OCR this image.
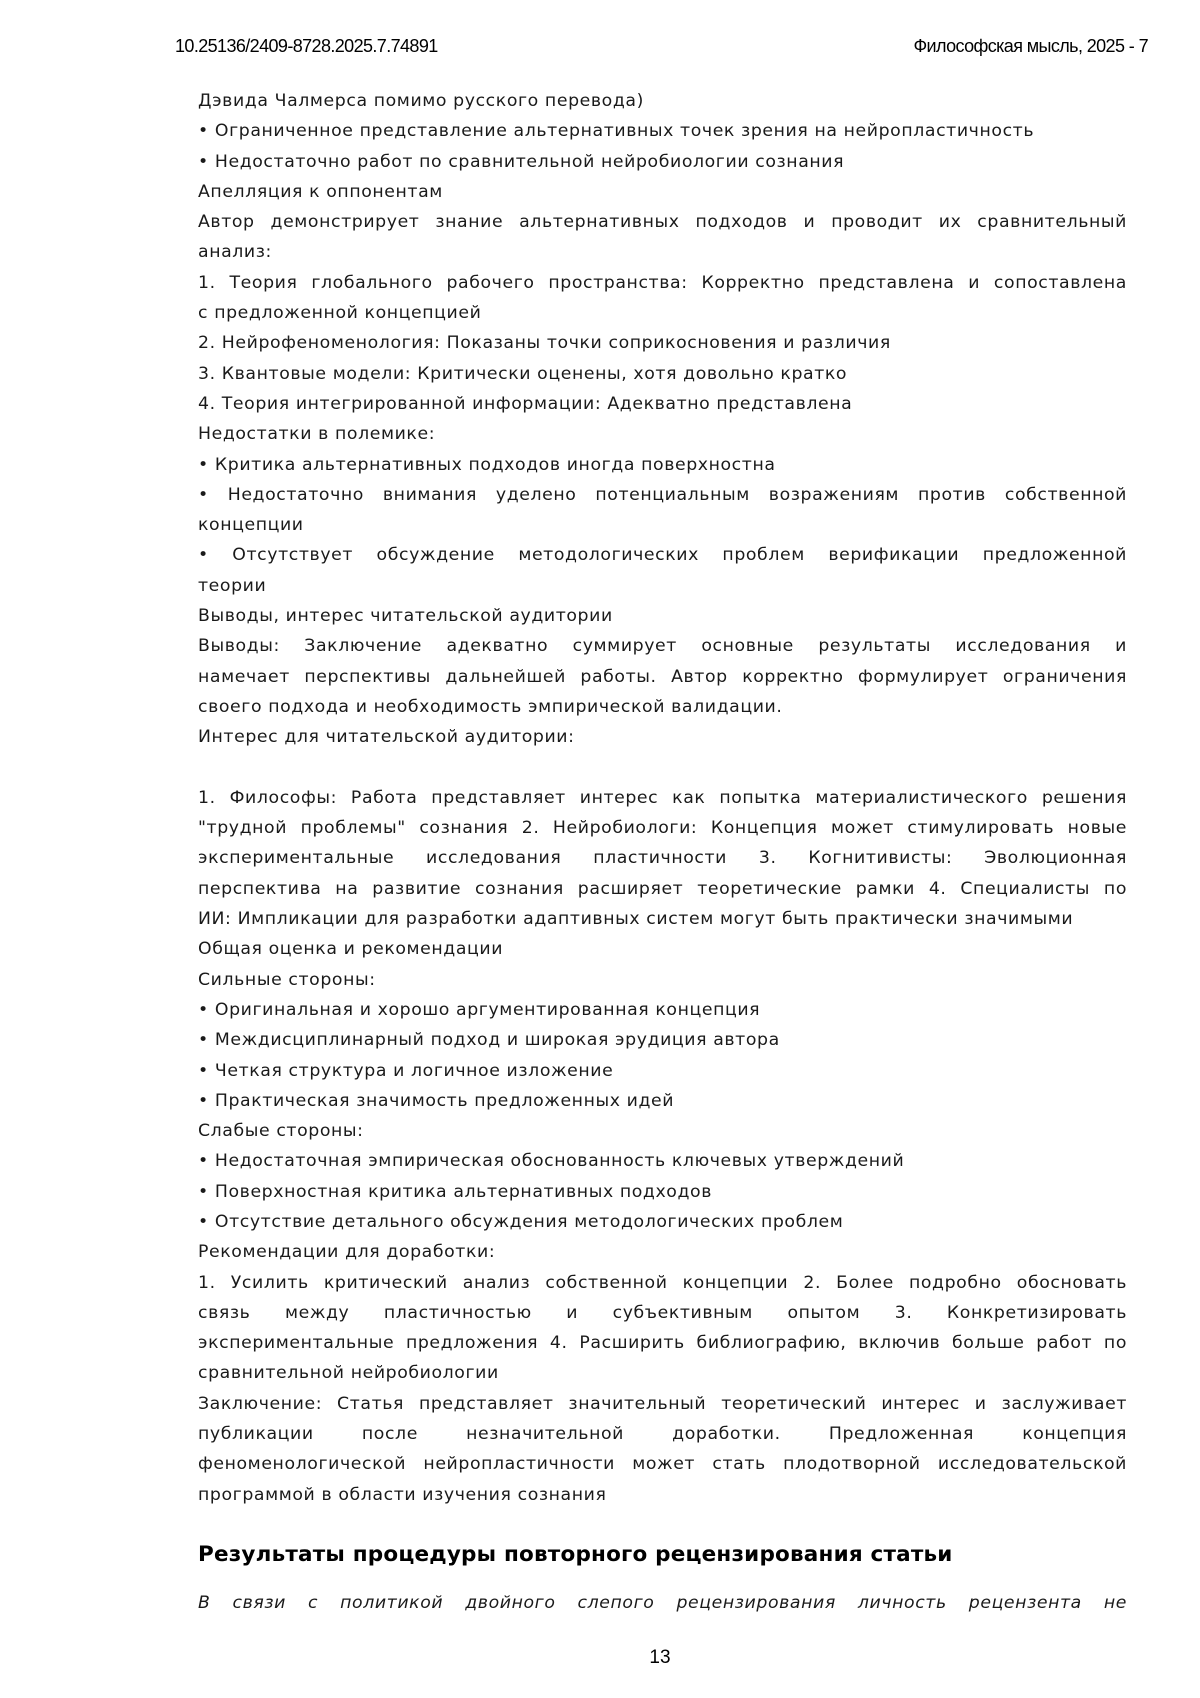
10.25136/2409-8728.2025.7.74891	Философская мысль, 2025 - 7
Дэвида Чалмерса помимо русского перевода)
• Ограниченное представление альтернативных точек зрения на нейропластичность
• Недостаточно работ по сравнительной нейробиологии сознания
Апелляция к оппонентам
Автор демонстрирует знание альтернативных подходов и проводит их сравнительный
анализ:
1. Теория глобального рабочего пространства: Корректно представлена и сопоставлена
с предложенной концепцией
2. Нейрофеноменология: Показаны точки соприкосновения и различия
3. Квантовые модели: Критически оценены, хотя довольно кратко
4. Теория интегрированной информации: Адекватно представлена
Недостатки в полемике:
• Критика альтернативных подходов иногда поверхностна
• Недостаточно внимания уделено потенциальным возражениям против собственной
концепции
• Отсутствует обсуждение методологических проблем верификации предложенной
теории
Выводы, интерес читательской аудитории
Выводы: Заключение адекватно суммирует основные результаты исследования и
намечает перспективы дальнейшей работы. Автор корректно формулирует ограничения
своего подхода и необходимость эмпирической валидации.
Интерес для читательской аудитории:
1. Философы: Работа представляет интерес как попытка материалистического решения
"трудной проблемы" сознания 2. Нейробиологи: Концепция может стимулировать новые
экспериментальные исследования пластичности 3. Когнитивисты: Эволюционная
перспектива на развитие сознания расширяет теоретические рамки 4. Специалисты по
ИИ: Импликации для разработки адаптивных систем могут быть практически значимыми
Общая оценка и рекомендации
Сильные стороны:
• Оригинальная и хорошо аргументированная концепция
• Междисциплинарный подход и широкая эрудиция автора
• Четкая структура и логичное изложение
• Практическая значимость предложенных идей
Слабые стороны:
• Недостаточная эмпирическая обоснованность ключевых утверждений
• Поверхностная критика альтернативных подходов
• Отсутствие детального обсуждения методологических проблем
Рекомендации для доработки:
1. Усилить критический анализ собственной концепции 2. Более подробно обосновать
связь между пластичностью и субъективным опытом 3. Конкретизировать
экспериментальные предложения 4. Расширить библиографию, включив больше работ по
сравнительной нейробиологии
Заключение: Статья представляет значительный теоретический интерес и заслуживает
публикации после незначительной доработки. Предложенная концепция
феноменологической нейропластичности может стать плодотворной исследовательской
программой в области изучения сознания
Результаты процедуры повторного рецензирования статьи
В связи с политикой двойного слепого рецензирования личность рецензента не
13
